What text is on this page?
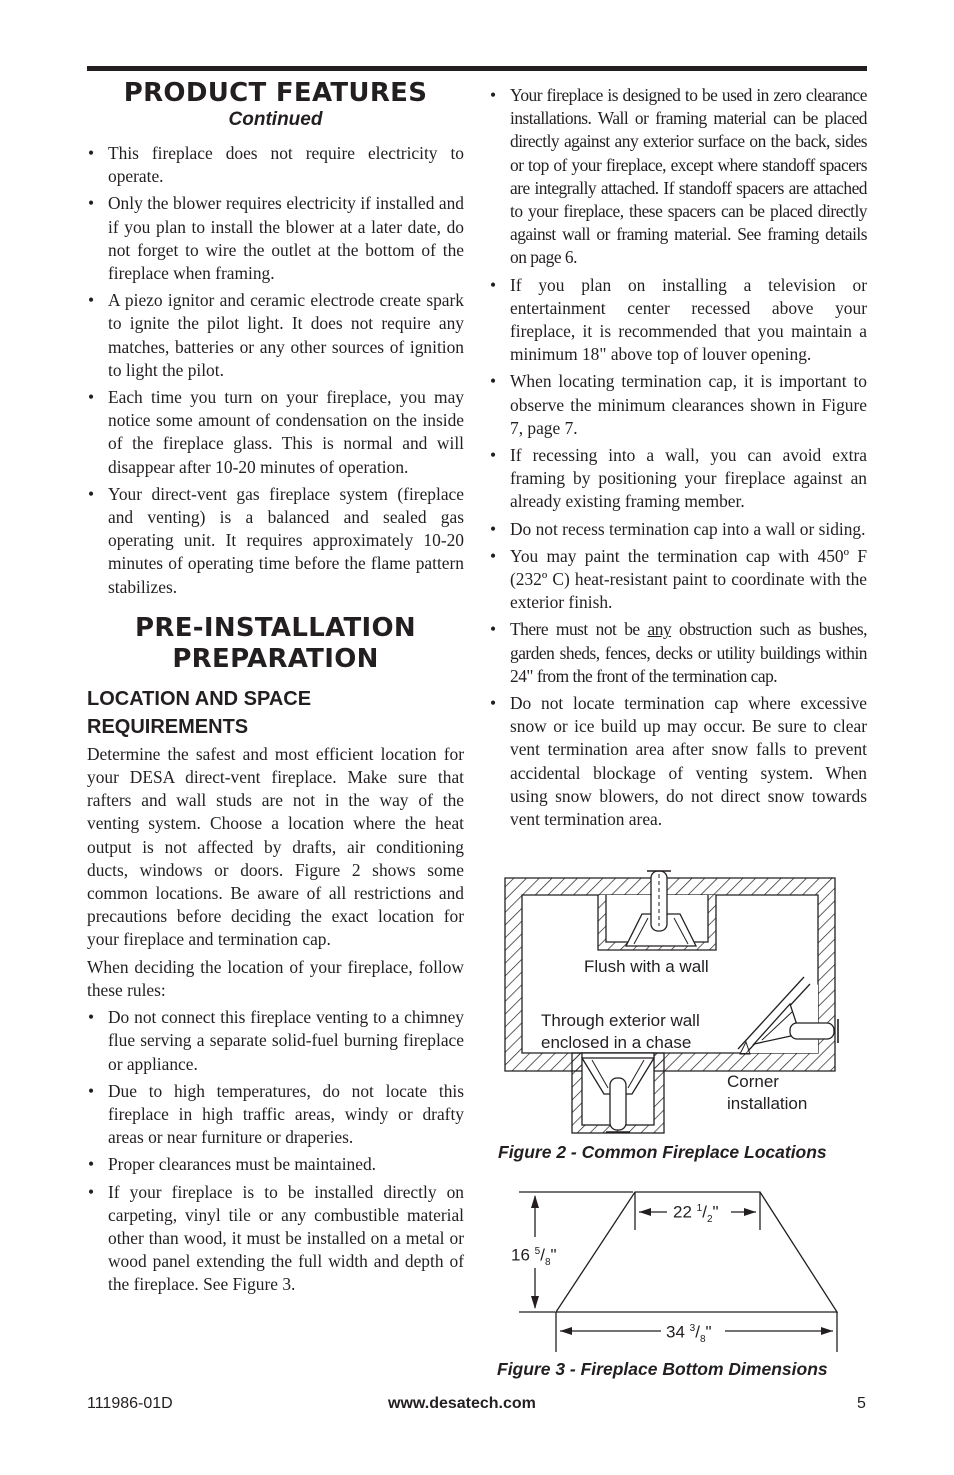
PRODUCT FEATURES
Continued
• This fireplace does not require electricity to operate.
• Only the blower requires electricity if installed and if you plan to install the blower at a later date, do not forget to wire the outlet at the bottom of the fireplace when framing.
• A piezo ignitor and ceramic electrode create spark to ignite the pilot light. It does not require any matches, batteries or any other sources of ignition to light the pilot.
• Each time you turn on your fireplace, you may notice some amount of condensation on the inside of the fireplace glass. This is normal and will disappear after 10-20 minutes of operation.
• Your direct-vent gas fireplace system (fireplace and venting) is a balanced and sealed gas operating unit. It requires approximately 10-20 minutes of operating time before the flame pattern stabilizes.
PRE-INSTALLATION
PREPARATION
LOCATION AND SPACE
REQUIREMENTS

Determine the safest and most efficient location for your DESA direct-vent fireplace. Make sure that rafters and wall studs are not in the way of the venting system. Choose a location where the heat output is not affected by drafts, air conditioning ducts, windows or doors. Figure 2 shows some common locations. Be aware of all restrictions and precautions before deciding the exact location for your fireplace and termination cap.

When deciding the location of your fireplace, follow these rules:

• Do not connect this fireplace venting to a chimney flue serving a separate solid-fuel burning fireplace or appliance.
• Due to high temperatures, do not locate this fireplace in high traffic areas, windy or drafty areas or near furniture or draperies.
• Proper clearances must be maintained.
• If your fireplace is to be installed directly on carpeting, vinyl tile or any combustible material other than wood, it must be installed on a metal or wood panel extending the full width and depth of the fireplace. See Figure 3.
• Your fireplace is designed to be used in zero clearance installations. Wall or framing material can be placed directly against any exterior surface on the back, sides or top of your fireplace, except where standoff spacers are integrally attached. If standoff spacers are attached to your fireplace, these spacers can be placed directly against wall or framing material. See framing details on page 6.
• If you plan on installing a television or entertainment center recessed above your fireplace, it is recommended that you maintain a minimum 18" above top of louver opening.
• When locating termination cap, it is important to observe the minimum clearances shown in Figure 7, page 7.
• If recessing into a wall, you can avoid extra framing by positioning your fireplace against an already existing framing member.
• Do not recess termination cap into a wall or siding.
• You may paint the termination cap with 450º F (232º C) heat-resistant paint to coordinate with the exterior finish.
• There must not be any obstruction such as bushes, garden sheds, fences, decks or utility buildings within 24" from the front of the termination cap.
• Do not locate termination cap where excessive snow or ice build up may occur. Be sure to clear vent termination area after snow falls to prevent accidental blockage of venting system. When using snow blowers, do not direct snow towards vent termination area.
Flush with a wall
Through exterior wall
enclosed in a chase
Corner
installation
Figure 2 - Common Fireplace Locations
22 $^1/_2$"
16 $^5/_8$"
34 $^3/_8$"
Figure 3 - Fireplace Bottom Dimensions
111986-01D	www.desatech.com	5
